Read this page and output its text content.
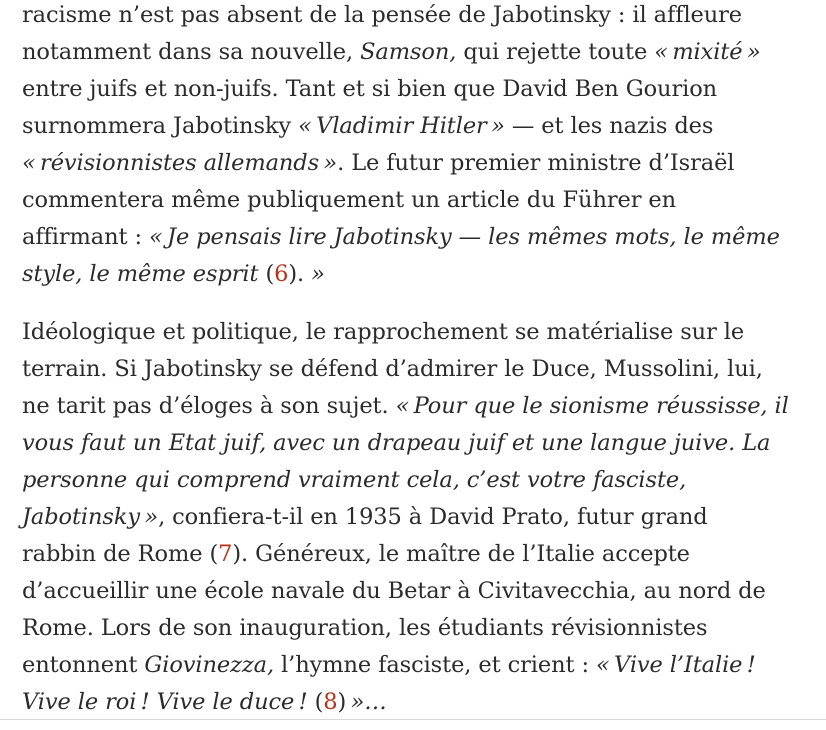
racisme n’est pas absent de la pensée de Jabotinsky : il affleure
notamment dans sa nouvelle, Samson, qui rejette toute « mixité »
entre juifs et non-juifs. Tant et si bien que David Ben Gourion
surnommera Jabotinsky « Vladimir Hitler » — et les nazis des
« révisionnistes allemands ». Le futur premier ministre d’Israël
commentera même publiquement un article du Führer en
affirmant : « Je pensais lire Jabotinsky — les mêmes mots, le même
style, le même esprit (6). »

Idéologique et politique, le rapprochement se matérialise sur le
terrain. Si Jabotinsky se défend d’admirer le Duce, Mussolini, lui,
ne tarit pas d’éloges à son sujet. « Pour que le sionisme réussisse, il
vous faut un Etat juif, avec un drapeau juif et une langue juive. La
personne qui comprend vraiment cela, c’est votre fasciste,
Jabotinsky », confiera-t-il en 1935 à David Prato, futur grand
rabbin de Rome (7). Généreux, le maître de l’Italie accepte
d’accueillir une école navale du Betar à Civitavecchia, au nord de
Rome. Lors de son inauguration, les étudiants révisionnistes
entonnent Giovinezza, l’hymne fasciste, et crient : « Vive l’Italie !
Vive le roi ! Vive le duce ! (8) »…
